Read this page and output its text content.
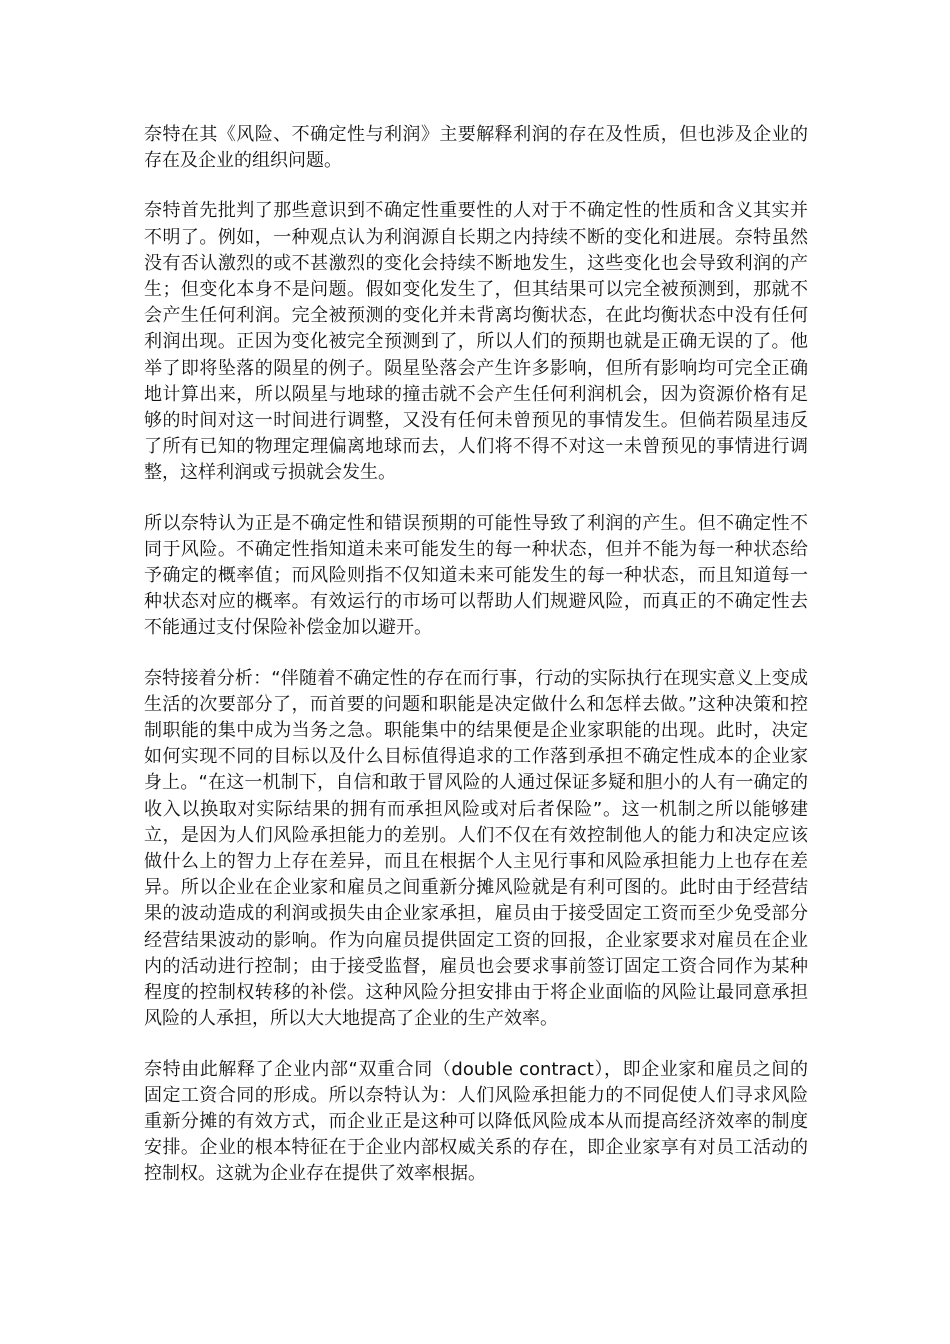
奈特在其《风险、不确定性与利润》主要解释利润的存在及性质，但也涉及企业的存在及企业的组织问题。

奈特首先批判了那些意识到不确定性重要性的人对于不确定性的性质和含义其实并不明了。例如，一种观点认为利润源自长期之内持续不断的变化和进展。奈特虽然没有否认激烈的或不甚激烈的变化会持续不断地发生，这些变化也会导致利润的产生；但变化本身不是问题。假如变化发生了，但其结果可以完全被预测到，那就不会产生任何利润。完全被预测的变化并未背离均衡状态，在此均衡状态中没有任何利润出现。正因为变化被完全预测到了，所以人们的预期也就是正确无误的了。他举了即将坠落的陨星的例子。陨星坠落会产生许多影响，但所有影响均可完全正确地计算出来，所以陨星与地球的撞击就不会产生任何利润机会，因为资源价格有足够的时间对这一时间进行调整，又没有任何未曾预见的事情发生。但倘若陨星违反了所有已知的物理定理偏离地球而去，人们将不得不对这一未曾预见的事情进行调整，这样利润或亏损就会发生。

所以奈特认为正是不确定性和错误预期的可能性导致了利润的产生。但不确定性不同于风险。不确定性指知道未来可能发生的每一种状态，但并不能为每一种状态给予确定的概率值；而风险则指不仅知道未来可能发生的每一种状态，而且知道每一种状态对应的概率。有效运行的市场可以帮助人们规避风险，而真正的不确定性去不能通过支付保险补偿金加以避开。

奈特接着分析：“伴随着不确定性的存在而行事，行动的实际执行在现实意义上变成生活的次要部分了，而首要的问题和职能是决定做什么和怎样去做。”这种决策和控制职能的集中成为当务之急。职能集中的结果便是企业家职能的出现。此时，决定如何实现不同的目标以及什么目标值得追求的工作落到承担不确定性成本的企业家身上。“在这一机制下，自信和敢于冒风险的人通过保证多疑和胆小的人有一确定的收入以换取对实际结果的拥有而承担风险或对后者保险”。这一机制之所以能够建立，是因为人们风险承担能力的差别。人们不仅在有效控制他人的能力和决定应该做什么上的智力上存在差异，而且在根据个人主见行事和风险承担能力上也存在差异。所以企业在企业家和雇员之间重新分摊风险就是有利可图的。此时由于经营结果的波动造成的利润或损失由企业家承担，雇员由于接受固定工资而至少免受部分经营结果波动的影响。作为向雇员提供固定工资的回报，企业家要求对雇员在企业内的活动进行控制；由于接受监督，雇员也会要求事前签订固定工资合同作为某种程度的控制权转移的补偿。这种风险分担安排由于将企业面临的风险让最同意承担风险的人承担，所以大大地提高了企业的生产效率。

奈特由此解释了企业内部“双重合同（double contract），即企业家和雇员之间的固定工资合同的形成。所以奈特认为：人们风险承担能力的不同促使人们寻求风险重新分摊的有效方式，而企业正是这种可以降低风险成本从而提高经济效率的制度安排。企业的根本特征在于企业内部权威关系的存在，即企业家享有对员工活动的控制权。这就为企业存在提供了效率根据。
